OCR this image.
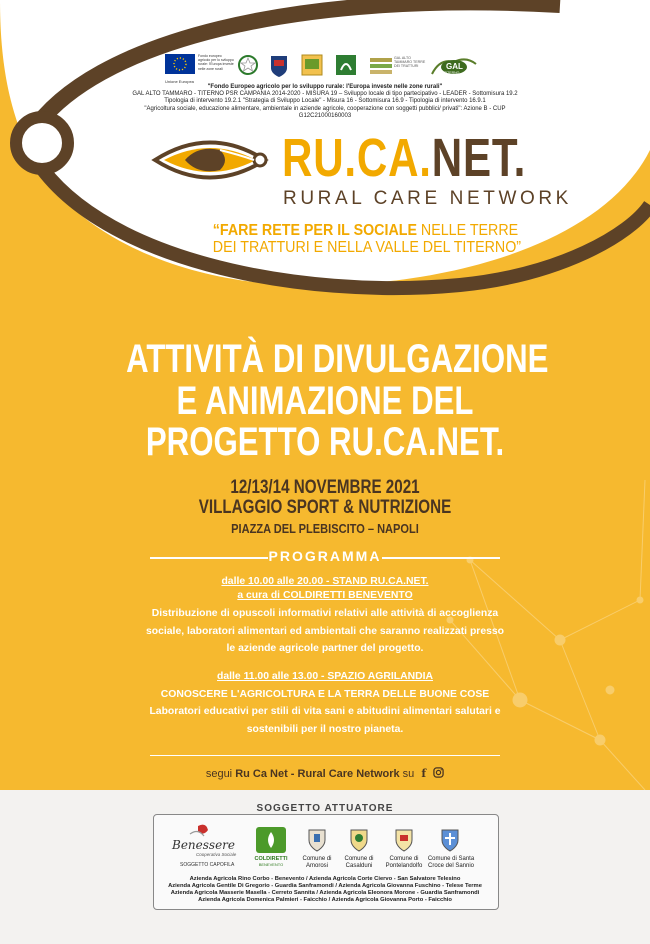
Unione Europea
Fondo europeo agricolo per lo sviluppo rurale: l'Europa investe nelle zone rurali
GAL ALTO TAMMARO TERRE DEI TRATTURI	GAL
TITERNO
"Fondo Europeo agricolo per lo sviluppo rurale: l'Europa investe nelle zone rurali"
GAL ALTO TAMMARO - TITERNO PSR CAMPANIA 2014-2020 - MISURA 19 – Sviluppo locale di tipo partecipativo - LEADER - Sottomisura 19.2
Tipologia di intervento 19.2.1 "Strategia di Sviluppo Locale" - Misura 16 - Sottomisura 16.9 - Tipologia di intervento 16.9.1
"Agricoltura sociale, educazione alimentare, ambientale in aziende agricole, cooperazione con soggetti pubblici/ privati": Azione B - CUP G12C21000160003
RU.CA.NET.
RURAL CARE NETWORK
“FARE RETE PER IL SOCIALE NELLE TERRE
DEI TRATTURI E NELLA VALLE DEL TITERNO”
ATTIVITÀ DI DIVULGAZIONE
E ANIMAZIONE DEL
PROGETTO RU.CA.NET.
12/13/14 NOVEMBRE 2021
VILLAGGIO SPORT & NUTRIZIONE
PIAZZA DEL PLEBISCITO – NAPOLI
PROGRAMMA
dalle 10.00 alle 20.00 - STAND RU.CA.NET.
a cura di COLDIRETTI BENEVENTO
Distribuzione di opuscoli informativi relativi alle attività di accoglienza
sociale, laboratori alimentari ed ambientali che saranno realizzati presso
le aziende agricole partner del progetto.
dalle 11.00 alle 13.00 - SPAZIO AGRILANDIA
CONOSCERE L'AGRICOLTURA E LA TERRA DELLE BUONE COSE
Laboratori educativi per stili di vita sani e abitudini alimentari salutari e
sostenibili per il nostro pianeta.
segui Ru Ca Net - Rural Care Network su f
SOGGETTO ATTUATORE
Benessere
Cooperativa Sociale
SOGGETTO CAPOFILA
COLDIRETTI
BENEVENTO
Comune di
Amorosi
Comune di
Casalduni
Comune di
Pontelandolfo
Comune di Santa
Croce del Sannio
Azienda Agricola Rino Corbo - Benevento / Azienda Agricola Corte Ciervo - San Salvatore Telesino
Azienda Agricola Gentile Di Gregorio - Guardia Sanframondi / Azienda Agricola Giovanna Fuschino - Telese Terme
Azienda Agricola Masserie Masella - Cerreto Sannita / Azienda Agricola Eleonora Morone - Guardia Sanframondi
Azienda Agricola Domenica Palmieri - Faicchio / Azienda Agricola Giovanna Porto - Faicchio
